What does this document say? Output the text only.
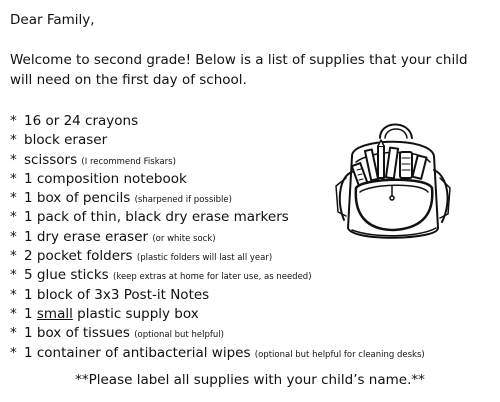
Dear Family,

Welcome to second grade! Below is a list of supplies that your child will need on the first day of school.

* 16 or 24 crayons
* block eraser
* scissors (I recommend Fiskars)
* 1 composition notebook
* 1 box of pencils (sharpened if possible)
* 1 pack of thin, black dry erase markers
* 1 dry erase eraser (or white sock)
* 2 pocket folders (plastic folders will last all year)
* 5 glue sticks (keep extras at home for later use, as needed)
* 1 block of 3x3 Post-it Notes
* 1 small plastic supply box
* 1 box of tissues (optional but helpful)
* 1 container of antibacterial wipes (optional but helpful for cleaning desks)

**Please label all supplies with your child’s name.**
